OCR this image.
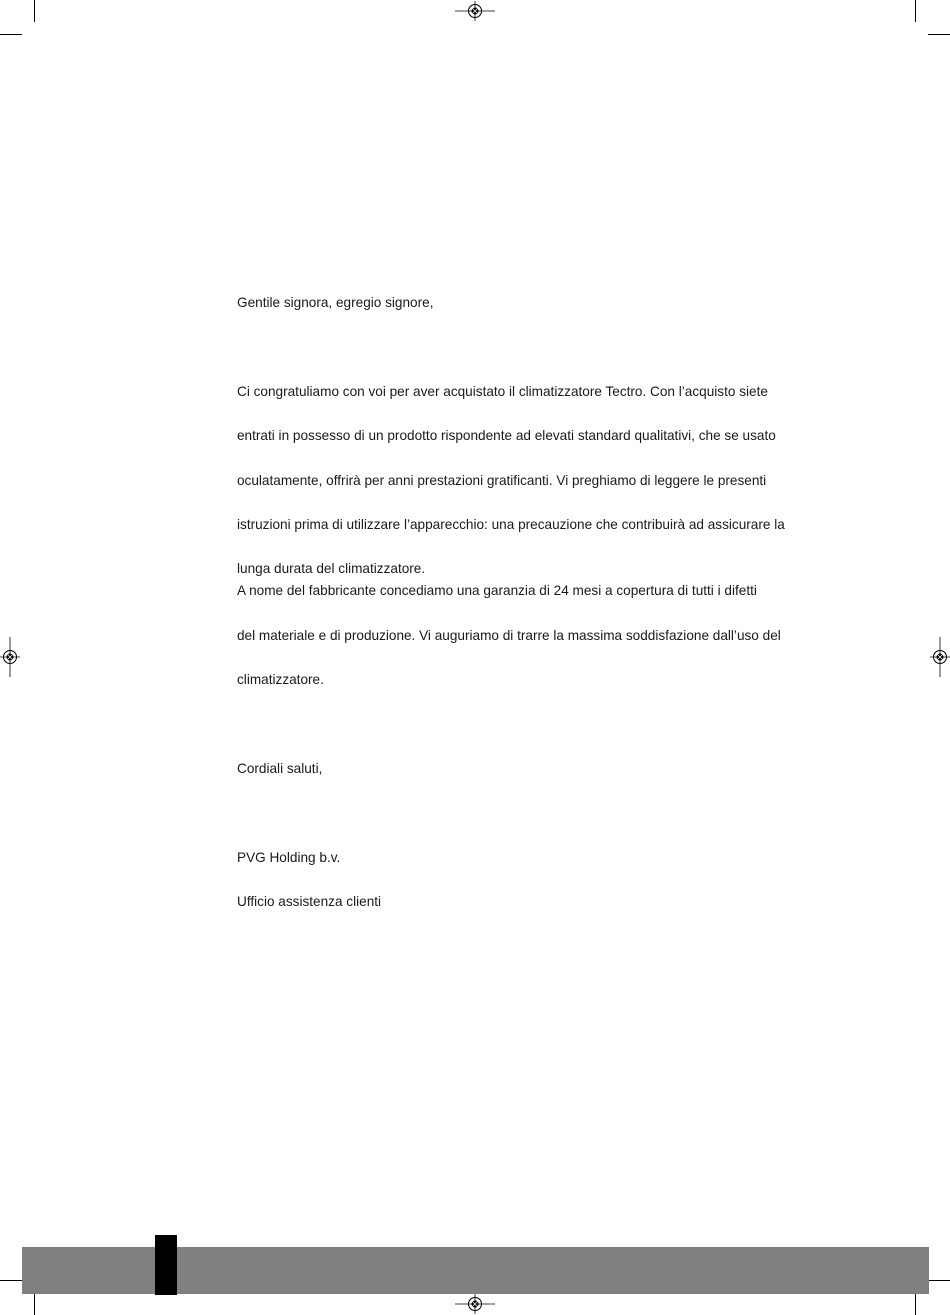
Gentile signora, egregio signore,
Ci congratuliamo con voi per aver acquistato il climatizzatore Tectro. Con l’acquisto siete
entrati in possesso di un prodotto rispondente ad elevati standard qualitativi, che se usato
oculatamente, offrirà per anni prestazioni gratificanti. Vi preghiamo di leggere le presenti
istruzioni prima di utilizzare l’apparecchio: una precauzione che contribuirà ad assicurare la
lunga durata del climatizzatore.
A nome del fabbricante concediamo una garanzia di 24 mesi a copertura di tutti i difetti
del materiale e di produzione. Vi auguriamo di trarre la massima soddisfazione dall’uso del
climatizzatore.
Cordiali saluti,
PVG Holding b.v.
Ufficio assistenza clienti
